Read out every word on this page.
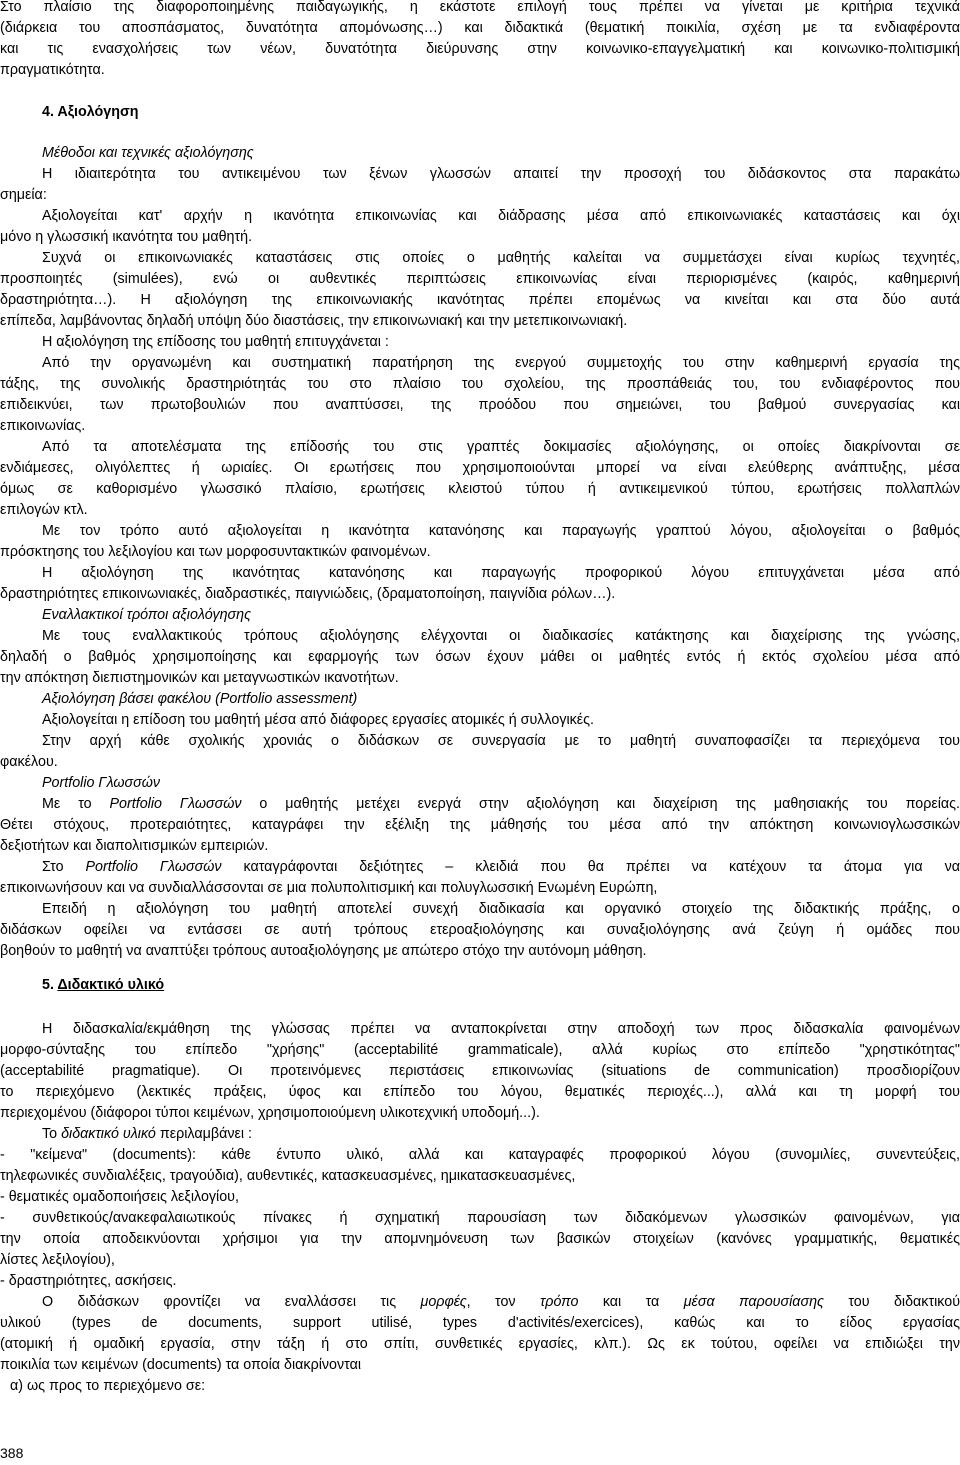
Στο πλαίσιο της διαφοροποιημένης παιδαγωγικής, η εκάστοτε επιλογή τους πρέπει να γίνεται με κριτήρια τεχνικά
(διάρκεια του αποσπάσματος, δυνατότητα απομόνωσης…) και διδακτικά (θεματική ποικιλία, σχέση με τα ενδιαφέροντα
και τις ενασχολήσεις των νέων, δυνατότητα διεύρυνσης στην κοινωνικο-επαγγελματική και κοινωνικο-πολιτισμική
πραγματικότητα.
4. Αξιολόγηση
Μέθοδοι και τεχνικές αξιολόγησης
Η ιδιαιτερότητα του αντικειμένου των ξένων γλωσσών απαιτεί την προσοχή του διδάσκοντος στα παρακάτω
σημεία:
Αξιολογείται κατ' αρχήν η ικανότητα επικοινωνίας και διάδρασης μέσα από επικοινωνιακές καταστάσεις και όχι
μόνο η γλωσσική ικανότητα του μαθητή.
Συχνά οι επικοινωνιακές καταστάσεις στις οποίες ο μαθητής καλείται να συμμετάσχει είναι κυρίως τεχνητές,
προσποιητές (simulées), ενώ οι αυθεντικές περιπτώσεις επικοινωνίας είναι περιορισμένες (καιρός, καθημερινή
δραστηριότητα…). Η αξιολόγηση της επικοινωνιακής ικανότητας πρέπει επομένως να κινείται και στα δύο αυτά
επίπεδα, λαμβάνοντας δηλαδή υπόψη δύο διαστάσεις, την επικοινωνιακή και την μετεπικοινωνιακή.
Η αξιολόγηση της επίδοσης του μαθητή επιτυγχάνεται :
Από την οργανωμένη και συστηματική παρατήρηση της ενεργού συμμετοχής του στην καθημερινή εργασία της
τάξης, της συνολικής δραστηριότητάς του στο πλαίσιο του σχολείου, της προσπάθειάς του, του ενδιαφέροντος που
επιδεικνύει, των πρωτοβουλιών που αναπτύσσει, της προόδου που σημειώνει, του βαθμού συνεργασίας και
επικοινωνίας.
Από τα αποτελέσματα της επίδοσής του στις γραπτές δοκιμασίες αξιολόγησης, οι οποίες διακρίνονται σε
ενδιάμεσες, ολιγόλεπτες ή ωριαίες. Οι ερωτήσεις που χρησιμοποιούνται μπορεί να είναι ελεύθερης ανάπτυξης, μέσα
όμως σε καθορισμένο γλωσσικό πλαίσιο, ερωτήσεις κλειστού τύπου ή αντικειμενικού τύπου, ερωτήσεις πολλαπλών
επιλογών κτλ.
Με τον τρόπο αυτό αξιολογείται η ικανότητα κατανόησης και παραγωγής γραπτού λόγου, αξιολογείται ο βαθμός
πρόσκτησης του λεξιλογίου και των μορφοσυντακτικών φαινομένων.
Η αξιολόγηση της ικανότητας κατανόησης και παραγωγής προφορικού λόγου επιτυγχάνεται μέσα από
δραστηριότητες επικοινωνιακές, διαδραστικές, παιγνιώδεις, (δραματοποίηση, παιγνίδια ρόλων…).
Εναλλακτικοί τρόποι αξιολόγησης
Με τους εναλλακτικούς τρόπους αξιολόγησης ελέγχονται οι διαδικασίες κατάκτησης και διαχείρισης της γνώσης,
δηλαδή ο βαθμός χρησιμοποίησης και εφαρμογής των όσων έχουν μάθει οι μαθητές εντός ή εκτός σχολείου μέσα από
την απόκτηση διεπιστημονικών και μεταγνωστικών ικανοτήτων.
Αξιολόγηση βάσει φακέλου (Portfolio assessment)
Αξιολογείται η επίδοση του μαθητή μέσα από διάφορες εργασίες ατομικές ή συλλογικές.
Στην αρχή κάθε σχολικής χρονιάς ο διδάσκων σε συνεργασία με το μαθητή συναποφασίζει τα περιεχόμενα του
φακέλου.
Portfolio Γλωσσών
Με το Portfolio Γλωσσών ο μαθητής μετέχει ενεργά στην αξιολόγηση και διαχείριση της μαθησιακής του πορείας.
Θέτει στόχους, προτεραιότητες, καταγράφει την εξέλιξη της μάθησής του μέσα από την απόκτηση κοινωνιογλωσσικών
δεξιοτήτων και διαπολιτισμικών εμπειριών.
Στο Portfolio Γλωσσών καταγράφονται δεξιότητες – κλειδιά που θα πρέπει να κατέχουν τα άτομα για να
επικοινωνήσουν και να συνδιαλλάσσονται σε μια πολυπολιτισμική και πολυγλωσσική Ενωμένη Ευρώπη,
Επειδή η αξιολόγηση του μαθητή αποτελεί συνεχή διαδικασία και οργανικό στοιχείο της διδακτικής πράξης, ο
διδάσκων οφείλει να εντάσσει σε αυτή τρόπους ετεροαξιολόγησης και συναξιολόγησης ανά ζεύγη ή ομάδες που
βοηθούν το μαθητή να αναπτύξει τρόπους αυτοαξιολόγησης με απώτερο στόχο την αυτόνομη μάθηση.
5. Διδακτικό υλικό
Η διδασκαλία/εκμάθηση της γλώσσας πρέπει να ανταποκρίνεται στην αποδοχή των προς διδασκαλία φαινομένων
μορφο-σύνταξης του επίπεδο "χρήσης" (acceptabilité grammaticale), αλλά κυρίως στο επίπεδο "χρηστικότητας"
(acceptabilité pragmatique). Οι προτεινόμενες περιστάσεις επικοινωνίας (situations de communication) προσδιορίζουν
το περιεχόμενο (λεκτικές πράξεις, ύφος και επίπεδο του λόγου, θεματικές περιοχές...), αλλά και τη μορφή του
περιεχομένου (διάφοροι τύποι κειμένων, χρησιμοποιούμενη υλικοτεχνική υποδομή...).
Το διδακτικό υλικό περιλαμβάνει :
- "κείμενα" (documents): κάθε έντυπο υλικό, αλλά και καταγραφές προφορικού λόγου (συνομιλίες, συνεντεύξεις,
τηλεφωνικές συνδιαλέξεις, τραγούδια), αυθεντικές, κατασκευασμένες, ημικατασκευασμένες,
- θεματικές ομαδοποιήσεις λεξιλογίου,
- συνθετικούς/ανακεφαλαιωτικούς πίνακες ή σχηματική παρουσίαση των διδακόμενων γλωσσικών φαινομένων, για
την οποία αποδεικνύονται χρήσιμοι για την απομνημόνευση των βασικών στοιχείων (κανόνες γραμματικής, θεματικές
λίστες λεξιλογίου),
- δραστηριότητες, ασκήσεις.
Ο διδάσκων φροντίζει να εναλλάσσει τις μορφές, τον τρόπο και τα μέσα παρουσίασης του διδακτικού
υλικού (types de documents, support utilisé, types d'activités/exercices), καθώς και το είδος εργασίας
(ατομική ή ομαδική εργασία, στην τάξη ή στο σπίτι, συνθετικές εργασίες, κλπ.). Ως εκ τούτου, οφείλει να επιδιώξει την
ποικιλία των κειμένων (documents) τα οποία διακρίνονται
α) ως προς το περιεχόμενο σε:
388
